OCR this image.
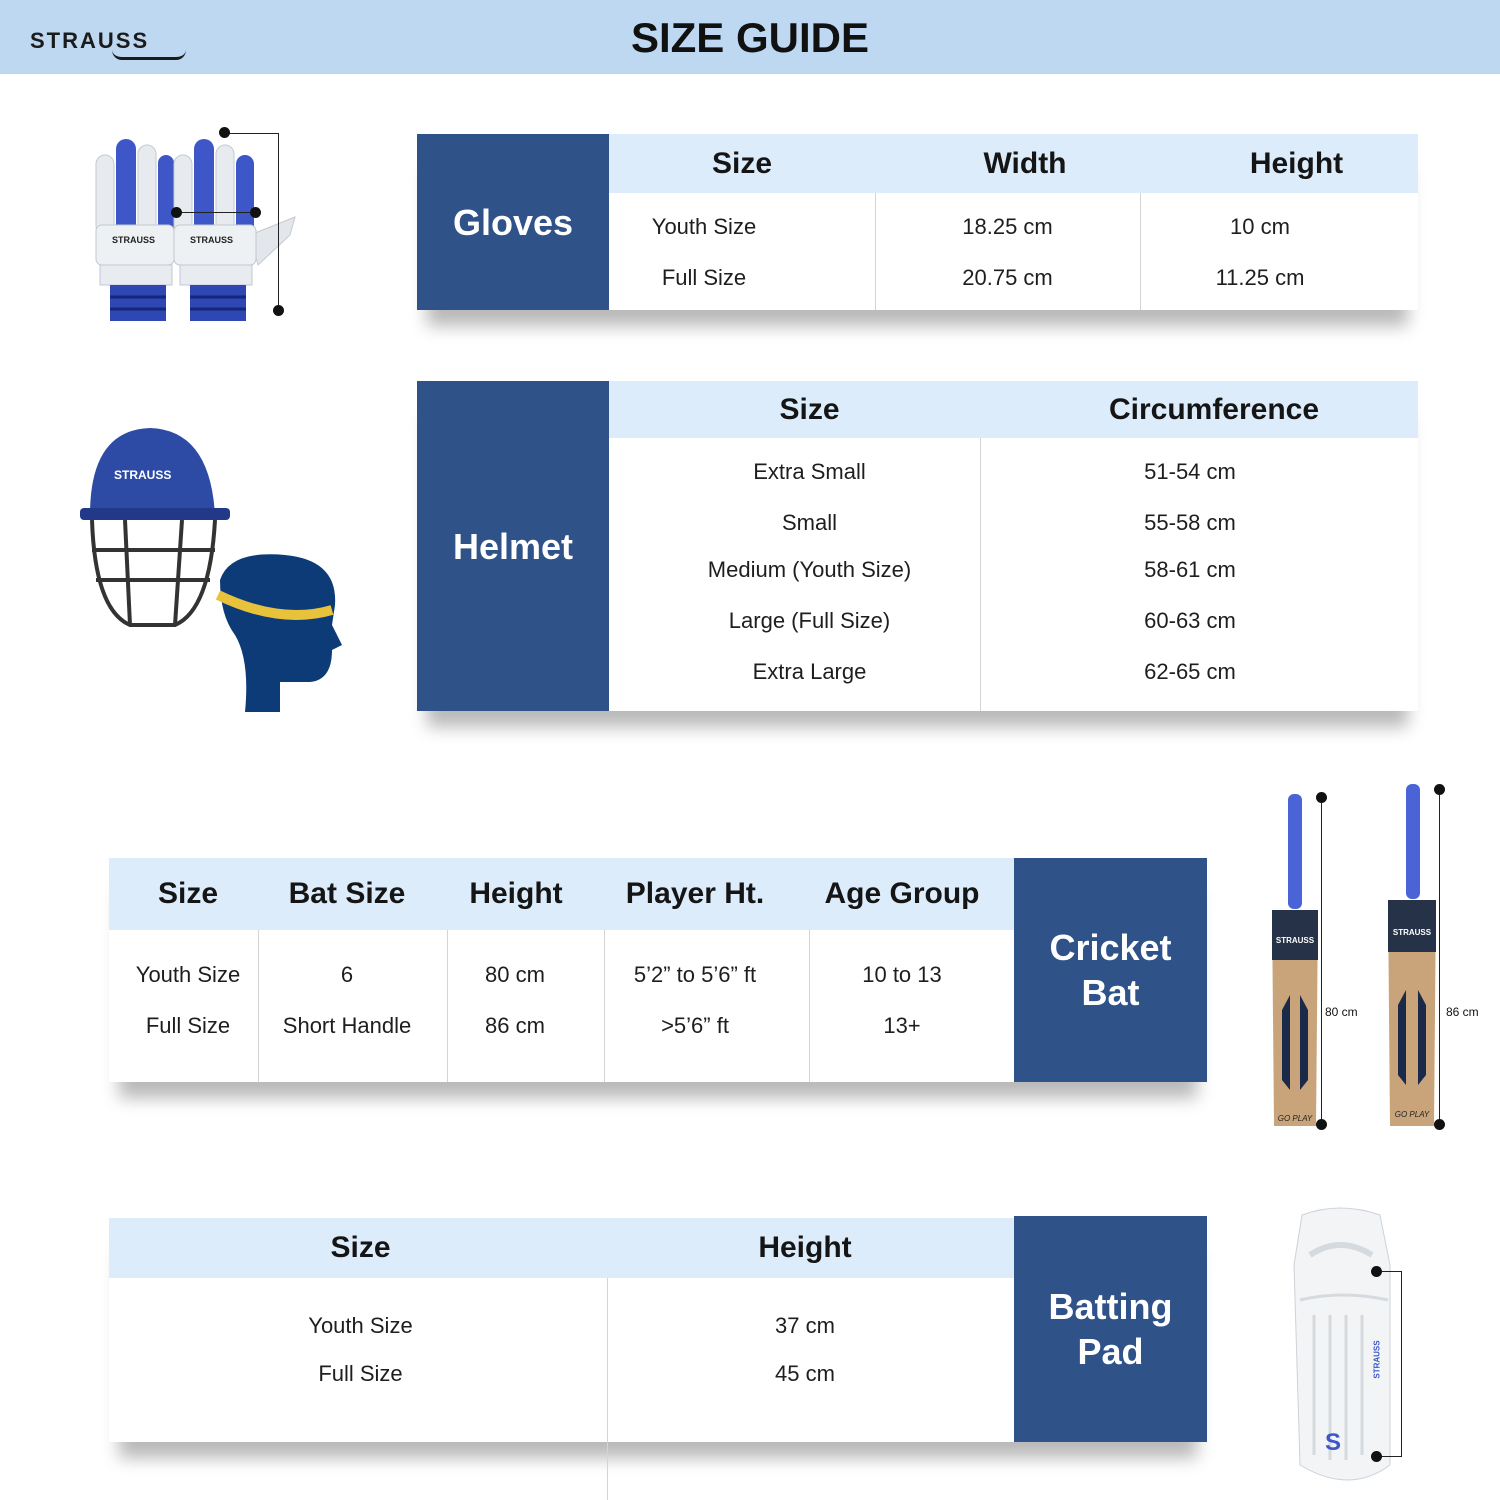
STRAUSS	SIZE GUIDE
STRAUSS	STRAUSS	Gloves
Size	Width	Height
Youth Size	18.25 cm	10 cm
Full Size	20.75 cm	11.25 cm
STRAUSS
Helmet
Size	Circumference
Extra Small	51-54 cm
Small	55-58 cm
Medium (Youth Size)	58-61 cm
Large (Full Size)	60-63 cm
Extra Large	62-65 cm
Size	Bat Size	Height	Player Ht.	Age Group
Cricket
Bat
Youth Size	6	80 cm	5’2” to 5’6” ft	10 to 13
Full Size	Short Handle	86 cm	>5’6” ft	13+
STRAUSS
STRAUSS
GO PLAY	GO PLAY
80 cm	86 cm
Size	Height
Batting
Pad
Youth Size	37 cm
Full Size	45 cm
S
STRAUSS
